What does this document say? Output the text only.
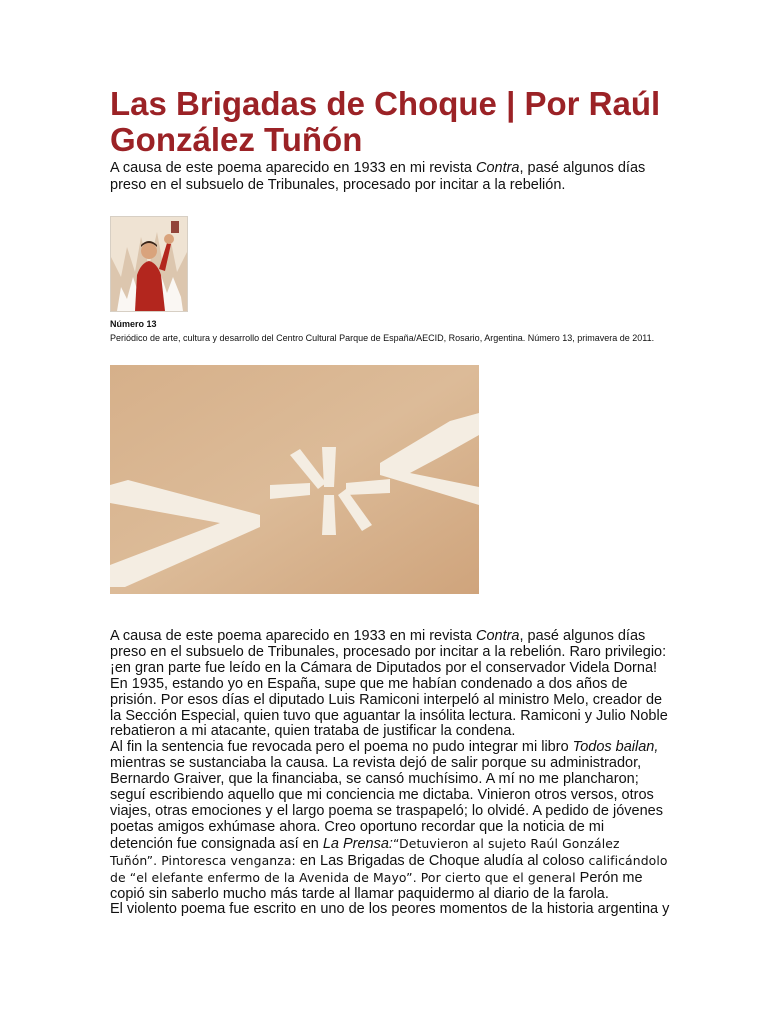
Las Brigadas de Choque | Por Raúl González Tuñón

A causa de este poema aparecido en 1933 en mi revista Contra, pasé algunos días preso en el subsuelo de Tribunales, procesado por incitar a la rebelión.

Número 13

Periódico de arte, cultura y desarrollo del Centro Cultural Parque de España/AECID, Rosario, Argentina. Número 13, primavera de 2011.

A causa de este poema aparecido en 1933 en mi revista Contra, pasé algunos días preso en el subsuelo de Tribunales, procesado por incitar a la rebelión. Raro privilegio: ¡en gran parte fue leído en la Cámara de Diputados por el conservador Videla Dorna! En 1935, estando yo en España, supe que me habían condenado a dos años de prisión. Por esos días el diputado Luis Ramiconi interpeló al ministro Melo, creador de la Sección Especial, quien tuvo que aguantar la insólita lectura. Ramiconi y Julio Noble rebatieron a mi atacante, quien trataba de justificar la condena.

Al fin la sentencia fue revocada pero el poema no pudo integrar mi libro Todos bailan, mientras se sustanciaba la causa. La revista dejó de salir porque su administrador, Bernardo Graiver, que la financiaba, se cansó muchísimo. A mí no me plancharon; seguí escribiendo aquello que mi conciencia me dictaba. Vinieron otros versos, otros viajes, otras emociones y el largo poema se traspapeló; lo olvidé. A pedido de jóvenes poetas amigos exhúmase ahora. Creo oportuno recordar que la noticia de mi detención fue consignada así en La Prensa:“Detuvieron al sujeto Raúl González Tuñón”. Pintoresca venganza: en Las Brigadas de Choque aludía al coloso calificándolo de “el elefante enfermo de la Avenida de Mayo”. Por cierto que el general Perón me copió sin saberlo mucho más tarde al llamar paquidermo al diario de la farola.

El violento poema fue escrito en uno de los peores momentos de la historia argentina y
